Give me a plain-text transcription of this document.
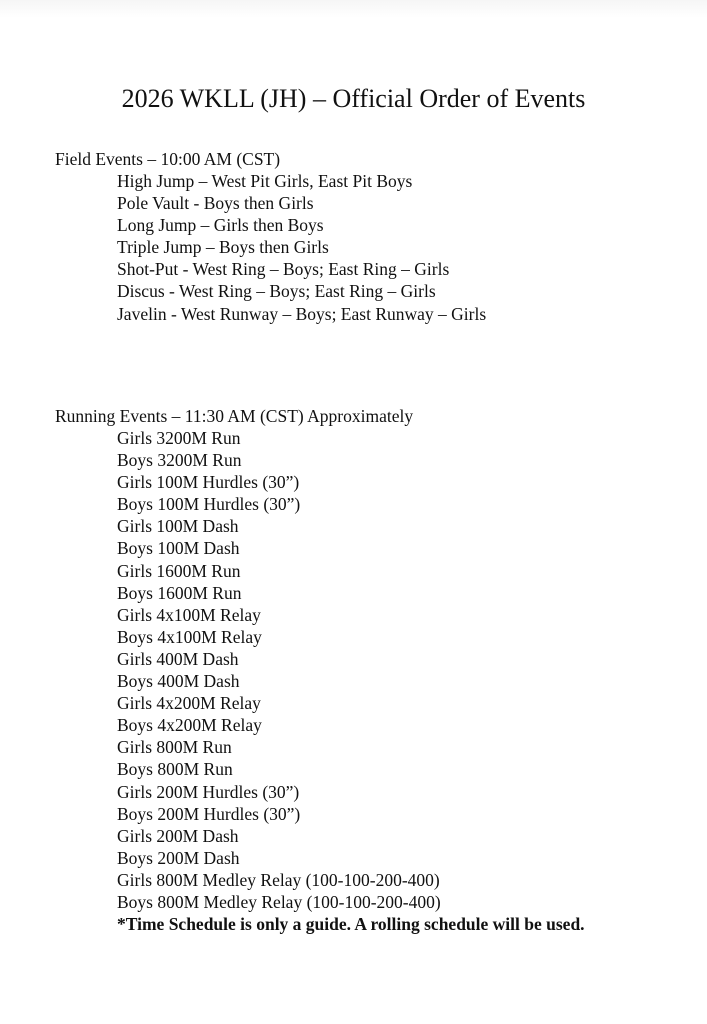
2026 WKLL (JH) – Official Order of Events
Field Events – 10:00 AM (CST)
High Jump – West Pit Girls, East Pit Boys
Pole Vault - Boys then Girls
Long Jump – Girls then Boys
Triple Jump – Boys then Girls
Shot-Put - West Ring – Boys; East Ring – Girls
Discus - West Ring – Boys; East Ring – Girls
Javelin - West Runway – Boys; East Runway – Girls
Running Events – 11:30 AM (CST) Approximately
Girls 3200M Run
Boys 3200M Run
Girls 100M Hurdles (30”)
Boys 100M Hurdles (30”)
Girls 100M Dash
Boys 100M Dash
Girls 1600M Run
Boys 1600M Run
Girls 4x100M Relay
Boys 4x100M Relay
Girls 400M Dash
Boys 400M Dash
Girls 4x200M Relay
Boys 4x200M Relay
Girls 800M Run
Boys 800M Run
Girls 200M Hurdles (30”)
Boys 200M Hurdles (30”)
Girls 200M Dash
Boys 200M Dash
Girls 800M Medley Relay (100-100-200-400)
Boys 800M Medley Relay (100-100-200-400)
*Time Schedule is only a guide. A rolling schedule will be used.
